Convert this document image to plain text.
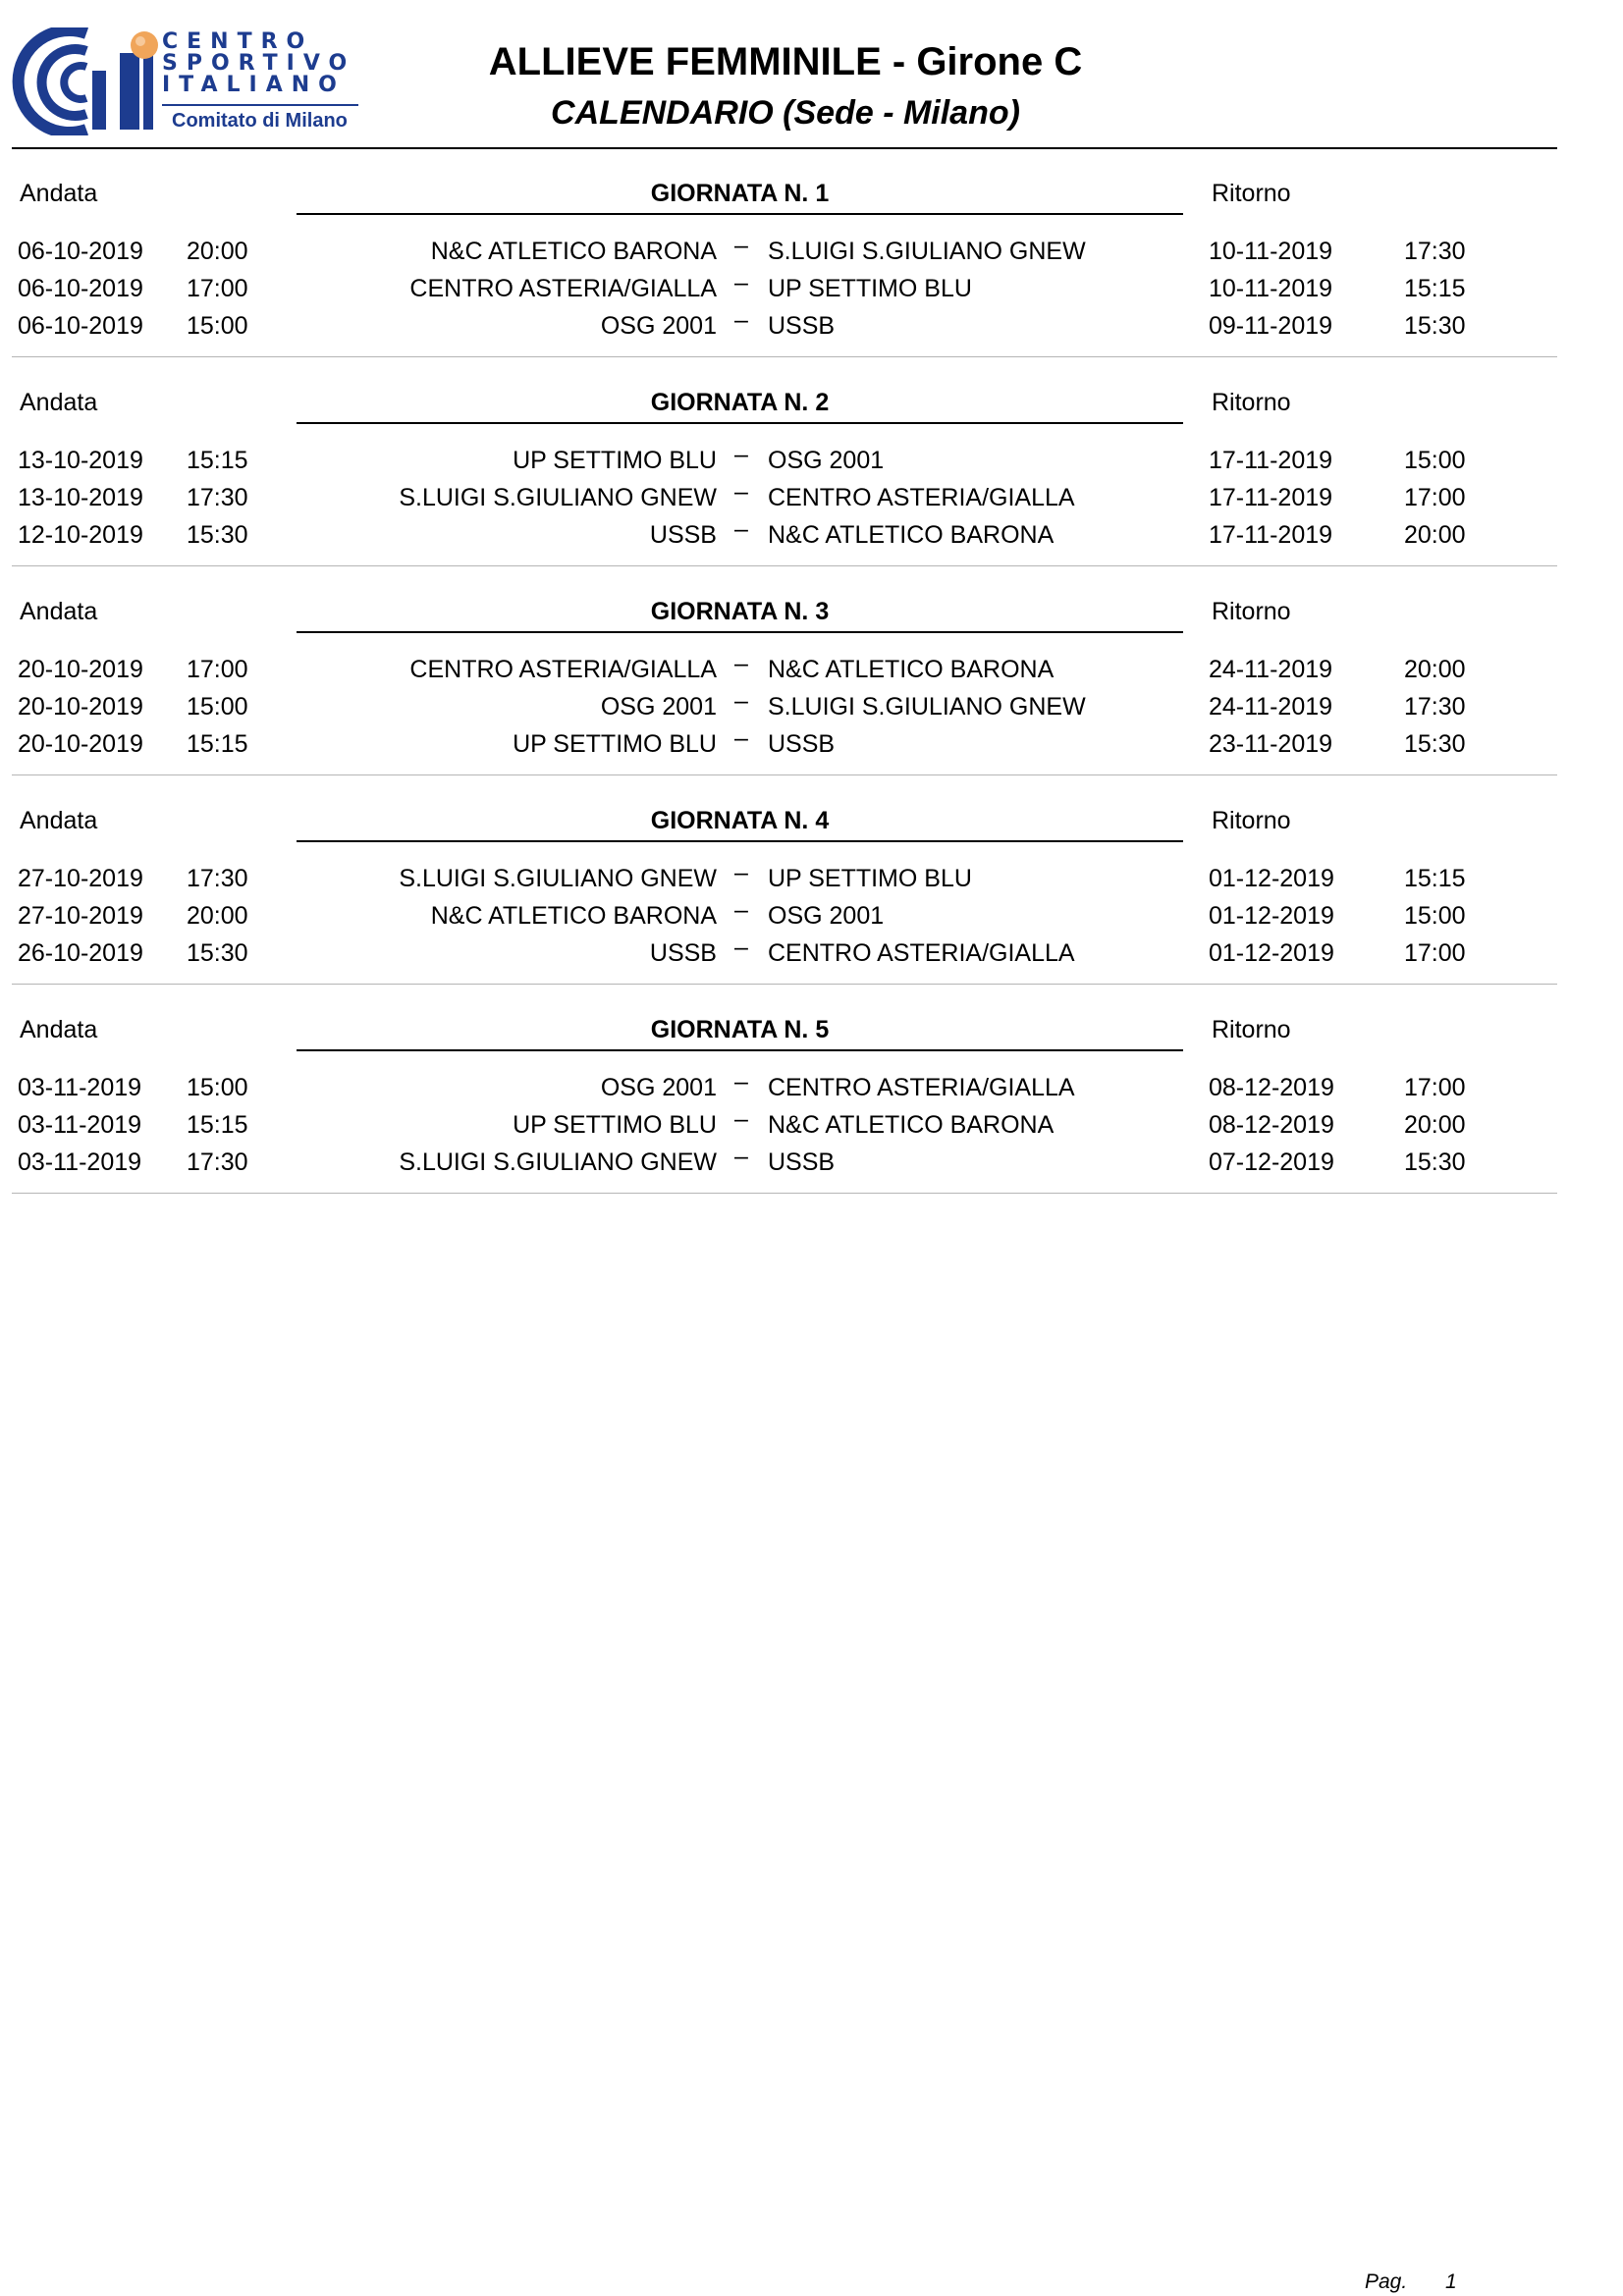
CENTRO
SPORTIVO
ITALIANO
Comitato di Milano
ALLIEVE FEMMINILE - Girone C
CALENDARIO (Sede - Milano)
Andata	GIORNATA N. 1	Ritorno
06-10-2019 20:00	N&C ATLETICO BARONA – S.LUIGI S.GIULIANO GNEW	10-11-2019	17:30
06-10-2019 17:00	CENTRO ASTERIA/GIALLA – UP SETTIMO BLU	10-11-2019	15:15
06-10-2019 15:00	OSG 2001 – USSB	09-11-2019	15:30
Andata	GIORNATA N. 2	Ritorno
13-10-2019 15:15	UP SETTIMO BLU – OSG 2001	17-11-2019	15:00
13-10-2019 17:30	S.LUIGI S.GIULIANO GNEW – CENTRO ASTERIA/GIALLA	17-11-2019	17:00
12-10-2019 15:30	USSB – N&C ATLETICO BARONA	17-11-2019	20:00
Andata	GIORNATA N. 3	Ritorno
20-10-2019 17:00	CENTRO ASTERIA/GIALLA – N&C ATLETICO BARONA	24-11-2019	20:00
20-10-2019 15:00	OSG 2001 – S.LUIGI S.GIULIANO GNEW	24-11-2019	17:30
20-10-2019 15:15	UP SETTIMO BLU – USSB	23-11-2019	15:30
Andata	GIORNATA N. 4	Ritorno
27-10-2019 17:30	S.LUIGI S.GIULIANO GNEW – UP SETTIMO BLU	01-12-2019	15:15
27-10-2019 20:00	N&C ATLETICO BARONA – OSG 2001	01-12-2019	15:00
26-10-2019 15:30	USSB – CENTRO ASTERIA/GIALLA	01-12-2019	17:00
Andata	GIORNATA N. 5	Ritorno
03-11-2019 15:00	OSG 2001 – CENTRO ASTERIA/GIALLA	08-12-2019	17:00
03-11-2019 15:15	UP SETTIMO BLU – N&C ATLETICO BARONA	08-12-2019	20:00
03-11-2019 17:30	S.LUIGI S.GIULIANO GNEW – USSB	07-12-2019	15:30
Pag. 1
